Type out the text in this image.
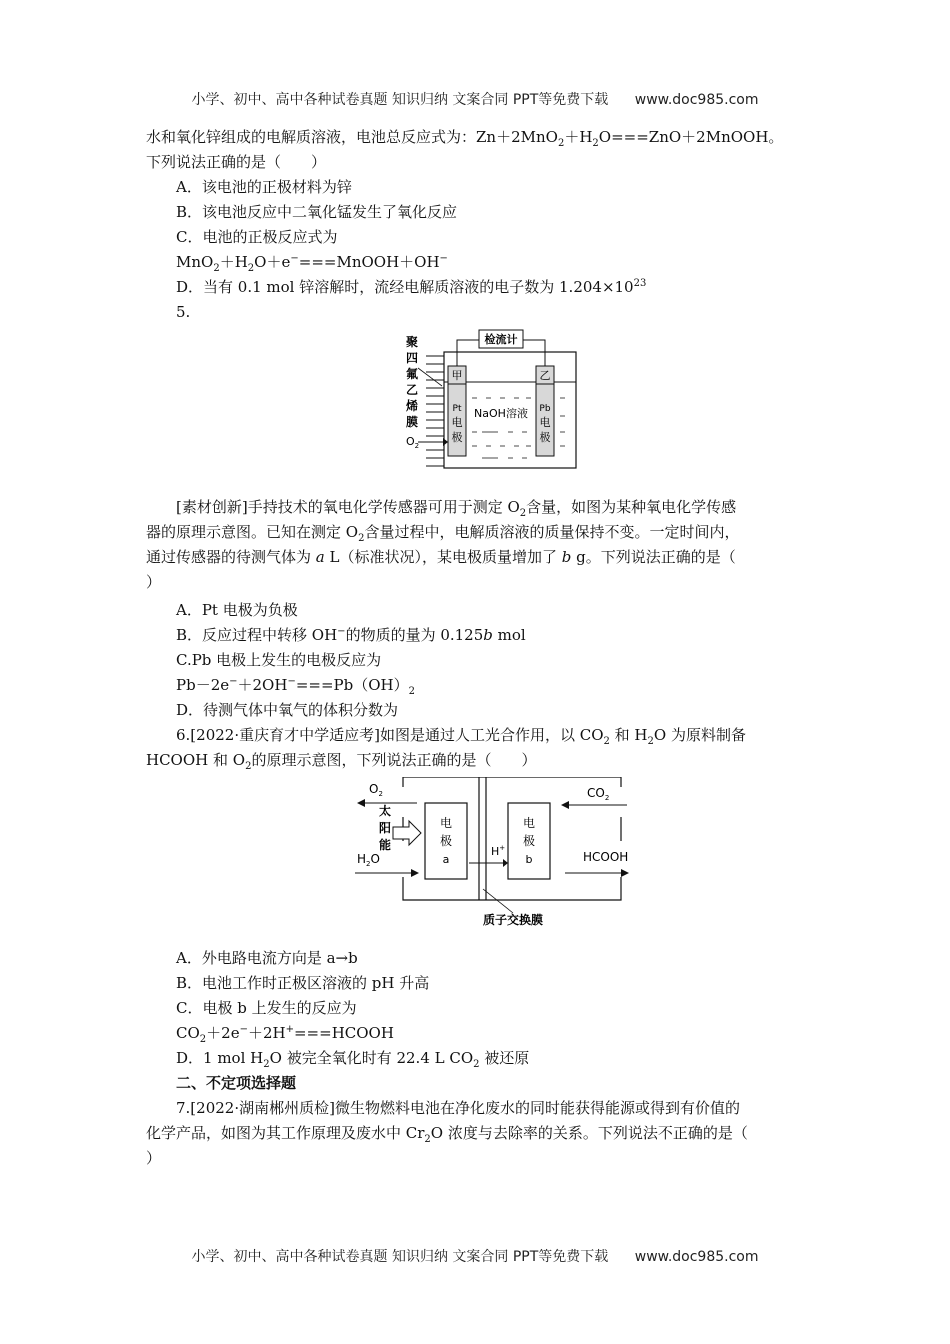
小学、初中、高中各种试卷真题 知识归纳 文案合同 PPT等免费下载 www.doc985.com
水和氧化锌组成的电解质溶液，电池总反应式为：$Zn+2MnO_2+H_2O===ZnO+2MnOOH$。
下列说法正确的是（　　）
A．该电池的正极材料为锌
B．该电池反应中二氧化锰发生了氧化反应
C．电池的正极反应式为
$MnO_2+H_2O+e^-===MnOOH+OH^-$
D．当有 0.1 mol 锌溶解时，流经电解质溶液的电子数为 $1.204\times 10^{23}$
5.
聚
四
氟
乙
烯
膜
$O_2$
检流计
甲
Pt
电
极
乙
Pb
电
极
NaOH溶液
[素材创新]手持技术的氧电化学传感器可用于测定 $O_2$含量，如图为某种氧电化学传感
器的原理示意图。已知在测定 $O_2$含量过程中，电解质溶液的质量保持不变。一定时间内，
通过传感器的待测气体为 a L（标准状况），某电极质量增加了 b g。下列说法正确的是（
）
A．Pt 电极为负极
B．反应过程中转移 OH−的物质的量为 0.125b mol
C.Pb 电极上发生的电极反应为
$Pb-2e^-+2OH^-===Pb(OH)_2$
D．待测气体中氧气的体积分数为
6.[2022·重庆育才中学适应考]如图是通过人工光合作用，以 $CO_2$ 和 $H_2O$ 为原料制备
HCOOH 和 $O_2$的原理示意图，下列说法正确的是（　　）
质子交换膜
电
极
a
电
极
b
H+
$O_2$
太
阳
能
$H_2O$
$CO_2$
HCOOH
A．外电路电流方向是 a→b
B．电池工作时正极区溶液的 pH 升高
C．电极 b 上发生的反应为
$CO_2+2e^-+2H^+===HCOOH$
D．1 mol $H_2O$ 被完全氧化时有 22.4 L $CO_2$ 被还原
二、不定项选择题
7.[2022·湖南郴州质检]微生物燃料电池在净化废水的同时能获得能源或得到有价值的
化学产品，如图为其工作原理及废水中 $Cr_2O$ 浓度与去除率的关系。下列说法不正确的是（
）
小学、初中、高中各种试卷真题 知识归纳 文案合同 PPT等免费下载 www.doc985.com
